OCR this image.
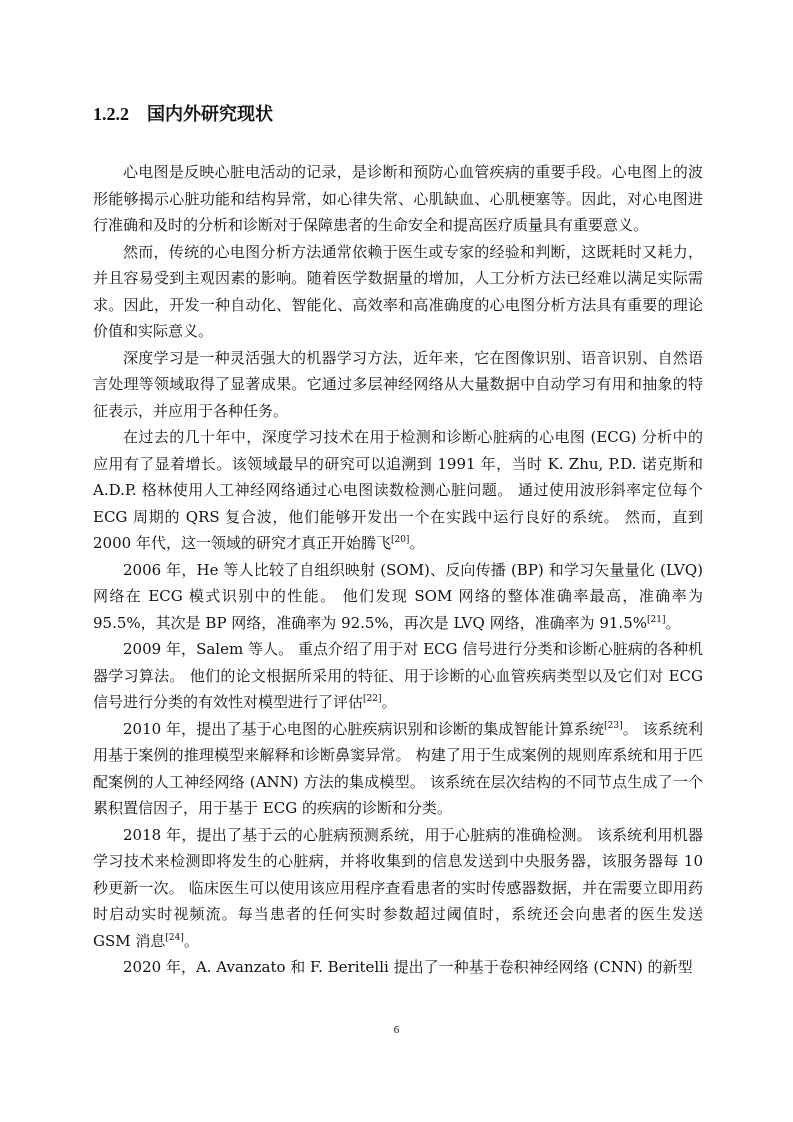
1.2.2 国内外研究现状

心电图是反映心脏电活动的记录，是诊断和预防心血管疾病的重要手段。心电图上的波形能够揭示心脏功能和结构异常，如心律失常、心肌缺血、心肌梗塞等。因此，对心电图进行准确和及时的分析和诊断对于保障患者的生命安全和提高医疗质量具有重要意义。

然而，传统的心电图分析方法通常依赖于医生或专家的经验和判断，这既耗时又耗力，并且容易受到主观因素的影响。随着医学数据量的增加，人工分析方法已经难以满足实际需求。因此，开发一种自动化、智能化、高效率和高准确度的心电图分析方法具有重要的理论价值和实际意义。

深度学习是一种灵活强大的机器学习方法，近年来，它在图像识别、语音识别、自然语言处理等领域取得了显著成果。它通过多层神经网络从大量数据中自动学习有用和抽象的特征表示，并应用于各种任务。

在过去的几十年中，深度学习技术在用于检测和诊断心脏病的心电图 (ECG) 分析中的应用有了显着增长。该领域最早的研究可以追溯到 1991 年，当时 K. Zhu, P.D. 诺克斯和 A.D.P. 格林使用人工神经网络通过心电图读数检测心脏问题。 通过使用波形斜率定位每个 ECG 周期的 QRS 复合波，他们能够开发出一个在实践中运行良好的系统。 然而，直到 2000 年代，这一领域的研究才真正开始腾飞[20]。

2006 年，He 等人比较了自组织映射 (SOM)、反向传播 (BP) 和学习矢量量化 (LVQ) 网络在 ECG 模式识别中的性能。 他们发现 SOM 网络的整体准确率最高，准确率为 95.5%，其次是 BP 网络，准确率为 92.5%，再次是 LVQ 网络，准确率为 91.5%[21]。

2009 年，Salem 等人。 重点介绍了用于对 ECG 信号进行分类和诊断心脏病的各种机器学习算法。 他们的论文根据所采用的特征、用于诊断的心血管疾病类型以及它们对 ECG 信号进行分类的有效性对模型进行了评估[22]。

2010 年，提出了基于心电图的心脏疾病识别和诊断的集成智能计算系统[23]。 该系统利用基于案例的推理模型来解释和诊断鼻窦异常。 构建了用于生成案例的规则库系统和用于匹配案例的人工神经网络 (ANN) 方法的集成模型。 该系统在层次结构的不同节点生成了一个累积置信因子，用于基于 ECG 的疾病的诊断和分类。

2018 年，提出了基于云的心脏病预测系统，用于心脏病的准确检测。 该系统利用机器学习技术来检测即将发生的心脏病，并将收集到的信息发送到中央服务器，该服务器每 10 秒更新一次。 临床医生可以使用该应用程序查看患者的实时传感器数据，并在需要立即用药时启动实时视频流。每当患者的任何实时参数超过阈值时，系统还会向患者的医生发送 GSM 消息[24]。

2020 年，A. Avanzato 和 F. Beritelli 提出了一种基于卷积神经网络 (CNN) 的新型

6
